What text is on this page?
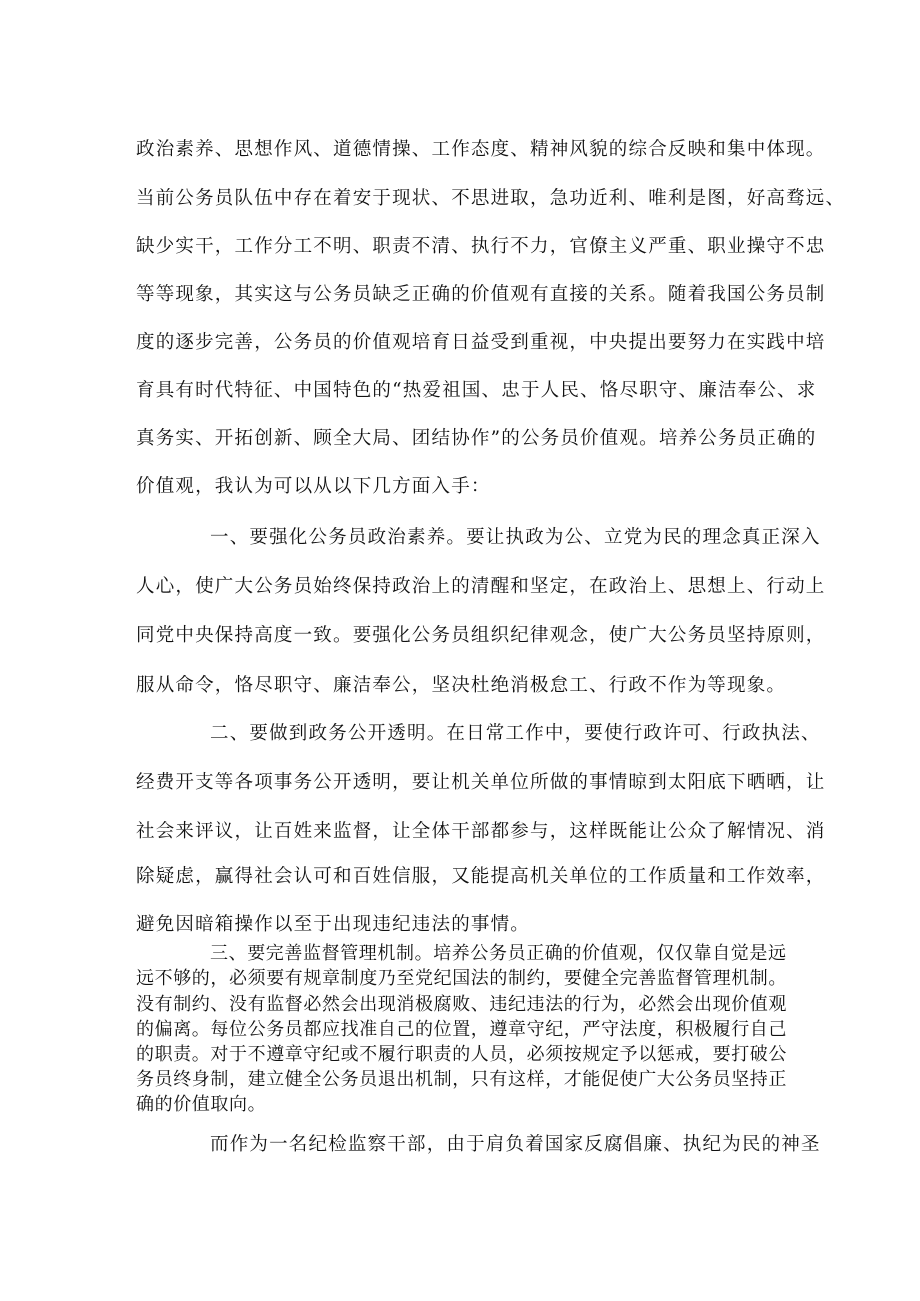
政治素养、思想作风、道德情操、工作态度、精神风貌的综合反映和集中体现。
当前公务员队伍中存在着安于现状、不思进取，急功近利、唯利是图，好高骛远、
缺少实干，工作分工不明、职责不清、执行不力，官僚主义严重、职业操守不忠
等等现象，其实这与公务员缺乏正确的价值观有直接的关系。随着我国公务员制
度的逐步完善，公务员的价值观培育日益受到重视，中央提出要努力在实践中培
育具有时代特征、中国特色的“热爱祖国、忠于人民、恪尽职守、廉洁奉公、求
真务实、开拓创新、顾全大局、团结协作”的公务员价值观。培养公务员正确的
价值观，我认为可以从以下几方面入手：
一、要强化公务员政治素养。要让执政为公、立党为民的理念真正深入
人心，使广大公务员始终保持政治上的清醒和坚定，在政治上、思想上、行动上
同党中央保持高度一致。要强化公务员组织纪律观念，使广大公务员坚持原则，
服从命令，恪尽职守、廉洁奉公，坚决杜绝消极怠工、行政不作为等现象。
二、要做到政务公开透明。在日常工作中，要使行政许可、行政执法、
经费开支等各项事务公开透明，要让机关单位所做的事情晾到太阳底下晒晒，让
社会来评议，让百姓来监督，让全体干部都参与，这样既能让公众了解情况、消
除疑虑，赢得社会认可和百姓信服，又能提高机关单位的工作质量和工作效率，
避免因暗箱操作以至于出现违纪违法的事情。
三、要完善监督管理机制。培养公务员正确的价值观，仅仅靠自觉是远
远不够的，必须要有规章制度乃至党纪国法的制约，要健全完善监督管理机制。
没有制约、没有监督必然会出现消极腐败、违纪违法的行为，必然会出现价值观
的偏离。每位公务员都应找准自己的位置，遵章守纪，严守法度，积极履行自己
的职责。对于不遵章守纪或不履行职责的人员，必须按规定予以惩戒，要打破公
务员终身制，建立健全公务员退出机制，只有这样，才能促使广大公务员坚持正
确的价值取向。
而作为一名纪检监察干部，由于肩负着国家反腐倡廉、执纪为民的神圣
